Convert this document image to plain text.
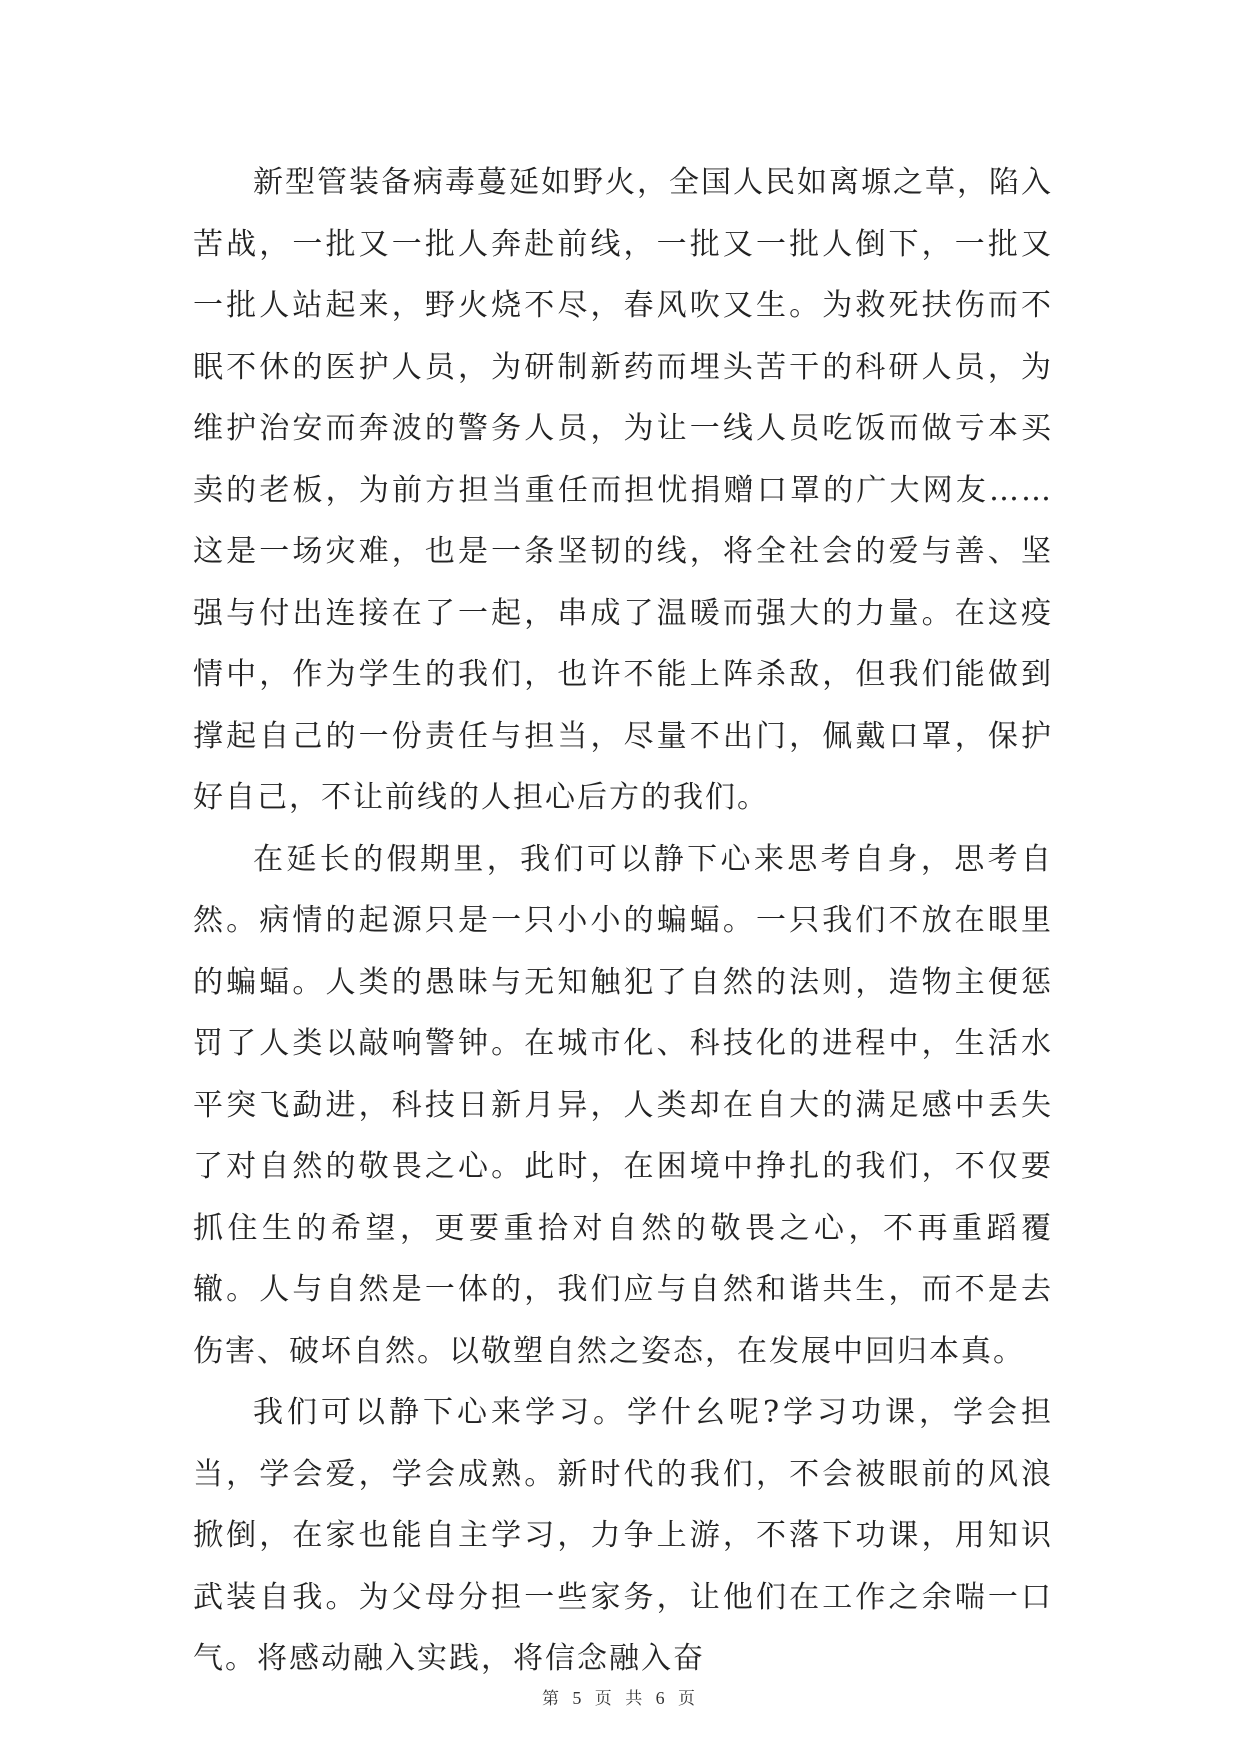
新型管装备病毒蔓延如野火，全国人民如离塬之草，陷入苦战，一批又一批人奔赴前线，一批又一批人倒下，一批又一批人站起来，野火烧不尽，春风吹又生。为救死扶伤而不眠不休的医护人员，为研制新药而埋头苦干的科研人员，为维护治安而奔波的警务人员，为让一线人员吃饭而做亏本买卖的老板，为前方担当重任而担忧捐赠口罩的广大网友……这是一场灾难，也是一条坚韧的线，将全社会的爱与善、坚强与付出连接在了一起，串成了温暖而强大的力量。在这疫情中，作为学生的我们，也许不能上阵杀敌，但我们能做到撑起自己的一份责任与担当，尽量不出门，佩戴口罩，保护好自己，不让前线的人担心后方的我们。

在延长的假期里，我们可以静下心来思考自身，思考自然。病情的起源只是一只小小的蝙蝠。一只我们不放在眼里的蝙蝠。人类的愚昧与无知触犯了自然的法则，造物主便惩罚了人类以敲响警钟。在城市化、科技化的进程中，生活水平突飞勐进，科技日新月异，人类却在自大的满足感中丢失了对自然的敬畏之心。此时，在困境中挣扎的我们，不仅要抓住生的希望，更要重拾对自然的敬畏之心，不再重蹈覆辙。人与自然是一体的，我们应与自然和谐共生，而不是去伤害、破坏自然。以敬塑自然之姿态，在发展中回归本真。

我们可以静下心来学习。学什幺呢?学习功课，学会担当，学会爱，学会成熟。新时代的我们，不会被眼前的风浪掀倒，在家也能自主学习，力争上游，不落下功课，用知识武装自我。为父母分担一些家务，让他们在工作之余喘一口气。将感动融入实践，将信念融入奋

第 5 页 共 6 页
